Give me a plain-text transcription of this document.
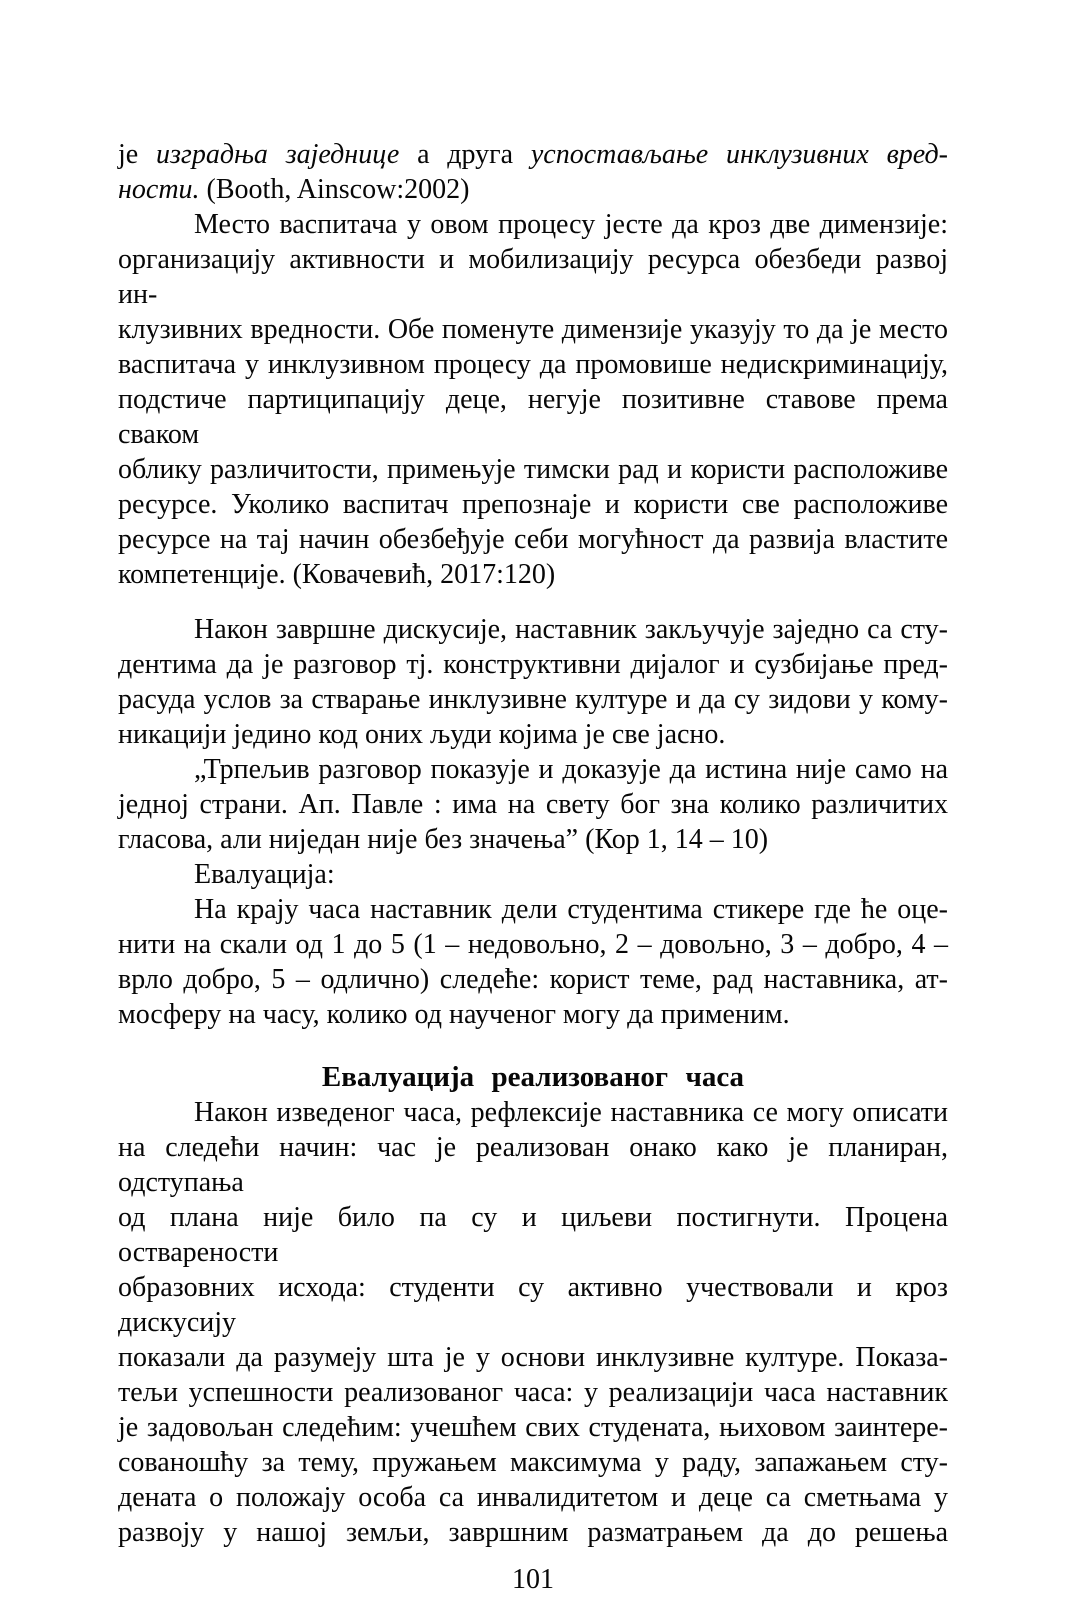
је изградња заједнице а друга успостављање инклузивних вред-
ности. (Booth, Ainscow:2002)
Место васпитача у овом процесу јесте да кроз две димензије:
организацију активности и мобилизацију ресурса обезбеди развој ин-
клузивних вредности. Обе поменуте димензије указују то да је место
васпитача у инклузивном процесу да промовише недискриминацију,
подстиче партиципацију деце, негује позитивне ставове према сваком
облику различитости, примењује тимски рад и користи расположиве
ресурсе. Уколико васпитач препознаје и користи све расположиве
ресурсе на тај начин обезбеђује себи могућност да развија властите
компетенције. (Ковачевић, 2017:120)
Након завршне дискусије, наставник закључује заједно са сту-
дентима да је разговор тј. конструктивни дијалог и сузбијање пред-
расуда услов за стварање инклузивне културе и да су зидови у кому-
никацији једино код оних људи којима је све јасно.
„Трпељив разговор показује и доказује да истина није само на
једној страни. Ап. Павле : има на свету бог зна колико различитих
гласова, али ниједан није без значења” (Кор 1, 14 – 10)
Евалуација:
На крају часа наставник дели студентима стикере где ће оце-
нити на скали од 1 до 5 (1 – недовољно, 2 – довољно, 3 – добро, 4 –
врло добро, 5 – одлично) следеће: корист теме, рад наставника, ат-
мосферу на часу, колико од наученог могу да применим.
Евалуација реализованог часа
Након изведеног часа, рефлексије наставника се могу описати
на следећи начин: час је реализован онако како је планиран, одступања
од плана није било па су и циљеви постигнути. Процена остварености
образовних исхода: студенти су активно учествовали и кроз дискусију
показали да разумеју шта је у основи инклузивне културе. Показа-
тељи успешности реализованог часа: у реализацији часа наставник
је задовољан следећим: учешћем свих студената, њиховом заинтере-
сованошћу за тему, пружањем максимума у раду, запажањем сту-
дената о положају особа са инвалидитетом и деце са сметњама у
развоју у нашој земљи, завршним разматрањем да до решења
101
